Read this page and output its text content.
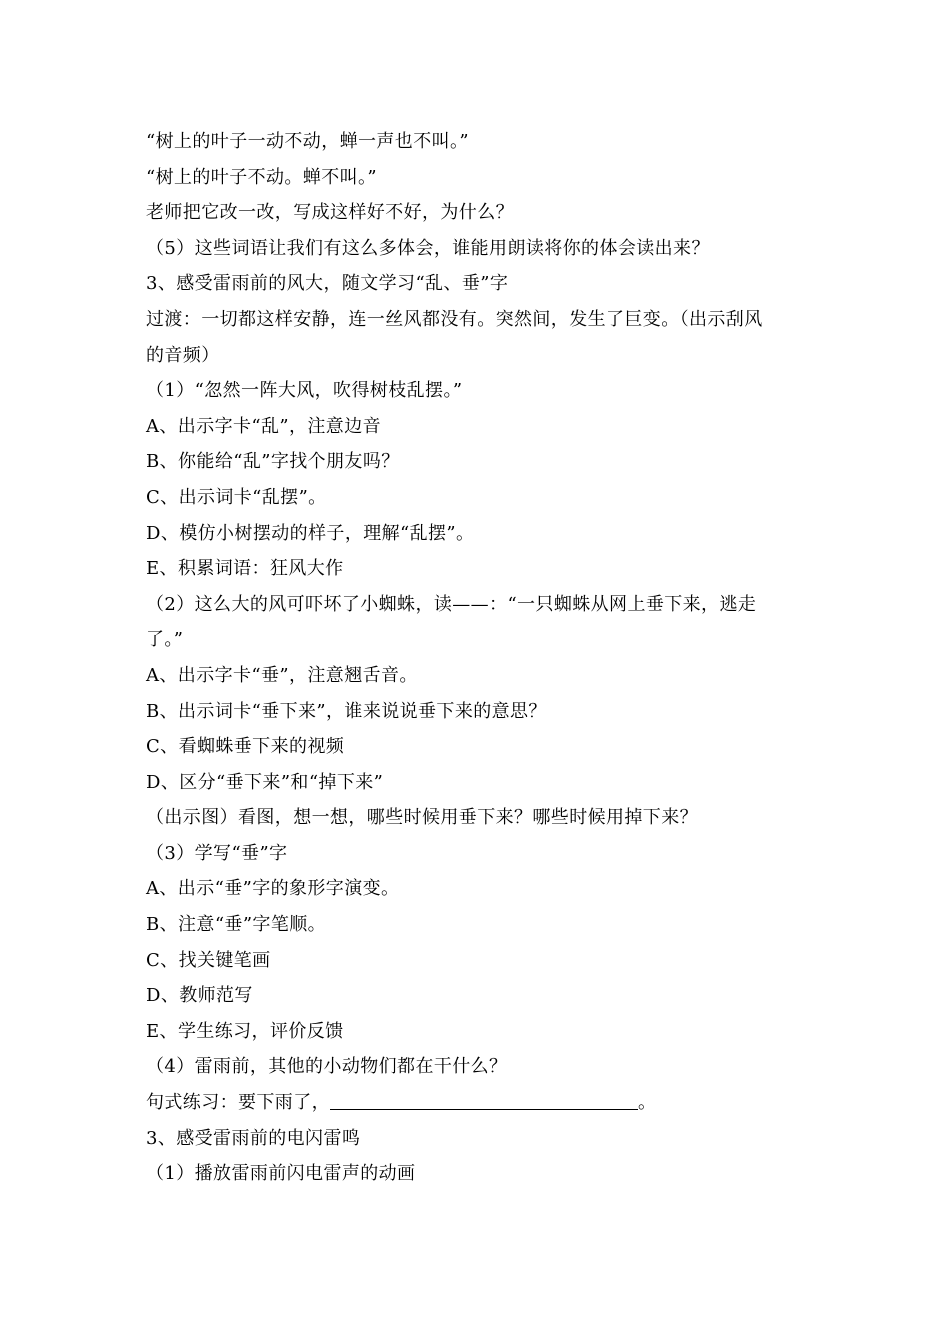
“树上的叶子一动不动，蝉一声也不叫。”
“树上的叶子不动。蝉不叫。”
老师把它改一改，写成这样好不好，为什么？
（5）这些词语让我们有这么多体会，谁能用朗读将你的体会读出来？
3、感受雷雨前的风大，随文学习“乱、垂”字
过渡：一切都这样安静，连一丝风都没有。突然间，发生了巨变。（出示刮风
的音频）
（1）“忽然一阵大风，吹得树枝乱摆。”
A、出示字卡“乱”，注意边音
B、你能给“乱”字找个朋友吗？
C、出示词卡“乱摆”。
D、模仿小树摆动的样子，理解“乱摆”。
E、积累词语：狂风大作
（2）这么大的风可吓坏了小蜘蛛，读——：“一只蜘蛛从网上垂下来，逃走
了。”
A、出示字卡“垂”，注意翘舌音。
B、出示词卡“垂下来”，谁来说说垂下来的意思？
C、看蜘蛛垂下来的视频
D、区分“垂下来”和“掉下来”
（出示图）看图，想一想，哪些时候用垂下来？哪些时候用掉下来？
（3）学写“垂”字
A、出示“垂”字的象形字演变。
B、注意“垂”字笔顺。
C、找关键笔画
D、教师范写
E、学生练习，评价反馈
（4）雷雨前，其他的小动物们都在干什么？
句式练习：要下雨了，	。
3、感受雷雨前的电闪雷鸣
（1）播放雷雨前闪电雷声的动画
